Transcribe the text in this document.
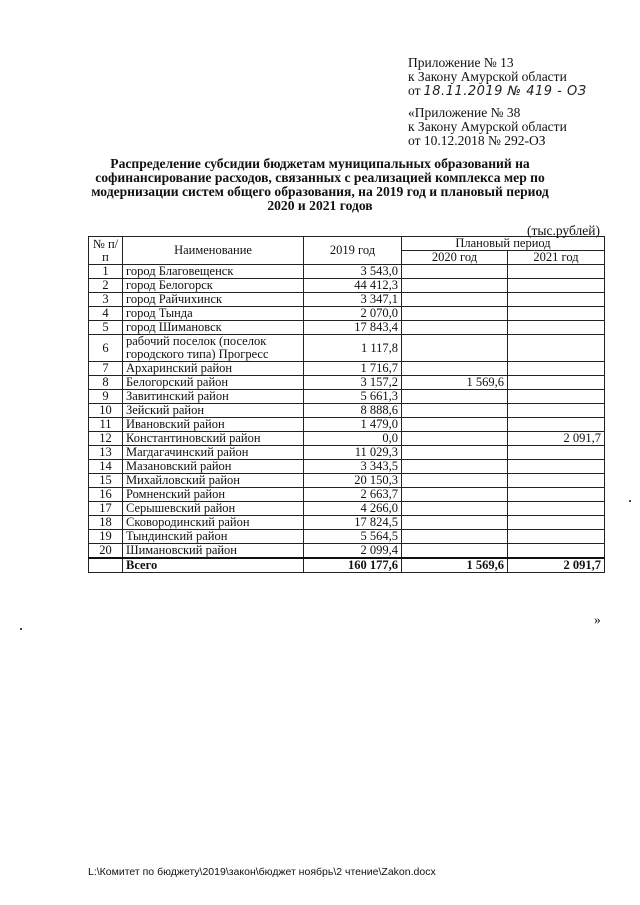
Приложение № 13
к Закону Амурской области
от 18.11.2019 № 419 - ОЗ
«Приложение № 38
к Закону Амурской области
от 10.12.2018 № 292-ОЗ
Распределение субсидии бюджетам муниципальных образований на софинансирование расходов, связанных с реализацией комплекса мер по модернизации систем общего образования, на 2019 год и плановый период 2020 и 2021 годов
(тыс.рублей)
№ п/п	Наименование	2019 год	Плановый период	
			2020 год	2021 год
1	город Благовещенск	3 543,0		
2	город Белогорск	44 412,3		
3	город Райчихинск	3 347,1		
4	город Тында	2 070,0		
5	город Шимановск	17 843,4		
6	рабочий поселок (поселок городского типа) Прогресс	1 117,8		
7	Архаринский район	1 716,7		
8	Белогорский район	3 157,2	1 569,6	
9	Завитинский район	5 661,3		
10	Зейский район	8 888,6		
11	Ивановский район	1 479,0		
12	Константиновский район	0,0		2 091,7
13	Магдагачинский район	11 029,3		
14	Мазановский район	3 343,5		
15	Михайловский район	20 150,3		
16	Ромненский район	2 663,7		
17	Серышевский район	4 266,0		
18	Сковородинский район	17 824,5		
19	Тындинский район	5 564,5		
20	Шимановский район	2 099,4		
	Всего	160 177,6	1 569,6	2 091,7
»
L:\Комитет по бюджету\2019\закон\бюджет ноябрь\2 чтение\Zakon.docx
